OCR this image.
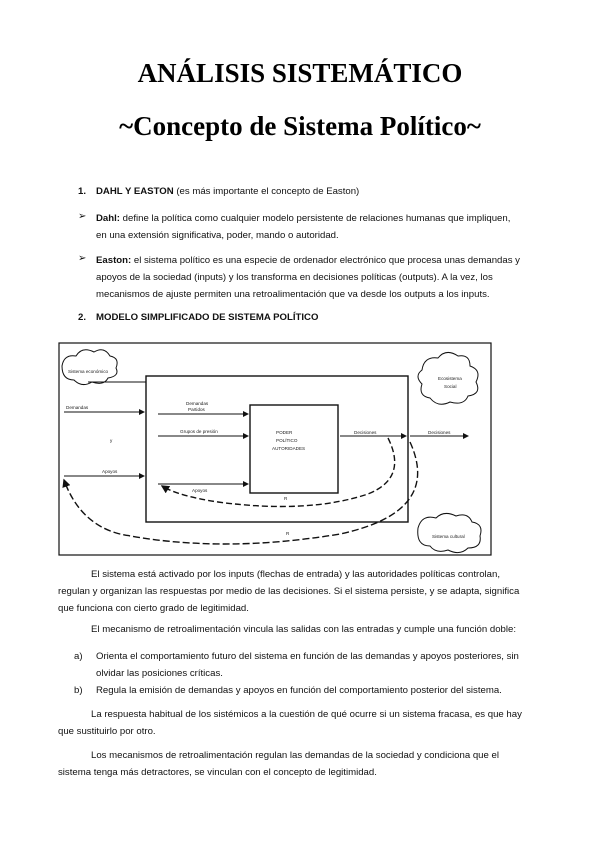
ANÁLISIS SISTEMÁTICO
~Concepto de Sistema Político~
1. DAHL Y EASTON (es más importante el concepto de Easton)
➢ Dahl: define la política como cualquier modelo persistente de relaciones humanas que impliquen,
en una extensión significativa, poder, mando o autoridad.
➢ Easton: el sistema político es una especie de ordenador electrónico que procesa unas demandas y
apoyos de la sociedad (inputs) y los transforma en decisiones políticas (outputs). A la vez, los
mecanismos de ajuste permiten una retroalimentación que va desde los outputs a los inputs.
2. MODELO SIMPLIFICADO DE SISTEMA POLÍTICO
Sistema económico
Ecosistema
Social
Sistema cultural
Demandas
Partidos
Grupos de presión	PODER
POLÍTICO
AUTORIDADES
Decisiones	Decisiones
Apoyos
Demandas
y
Apoyos
R
R
El sistema está activado por los inputs (flechas de entrada) y las autoridades políticas controlan,
regulan y organizan las respuestas por medio de las decisiones. Si el sistema persiste, y se adapta, significa
que funciona con cierto grado de legitimidad.
El mecanismo de retroalimentación vincula las salidas con las entradas y cumple una función doble:
a) Orienta el comportamiento futuro del sistema en función de las demandas y apoyos posteriores, sin
olvidar las posiciones críticas.
b) Regula la emisión de demandas y apoyos en función del comportamiento posterior del sistema.
La respuesta habitual de los sistémicos a la cuestión de qué ocurre si un sistema fracasa, es que hay
que sustituirlo por otro.
Los mecanismos de retroalimentación regulan las demandas de la sociedad y condiciona que el
sistema tenga más detractores, se vinculan con el concepto de legitimidad.
